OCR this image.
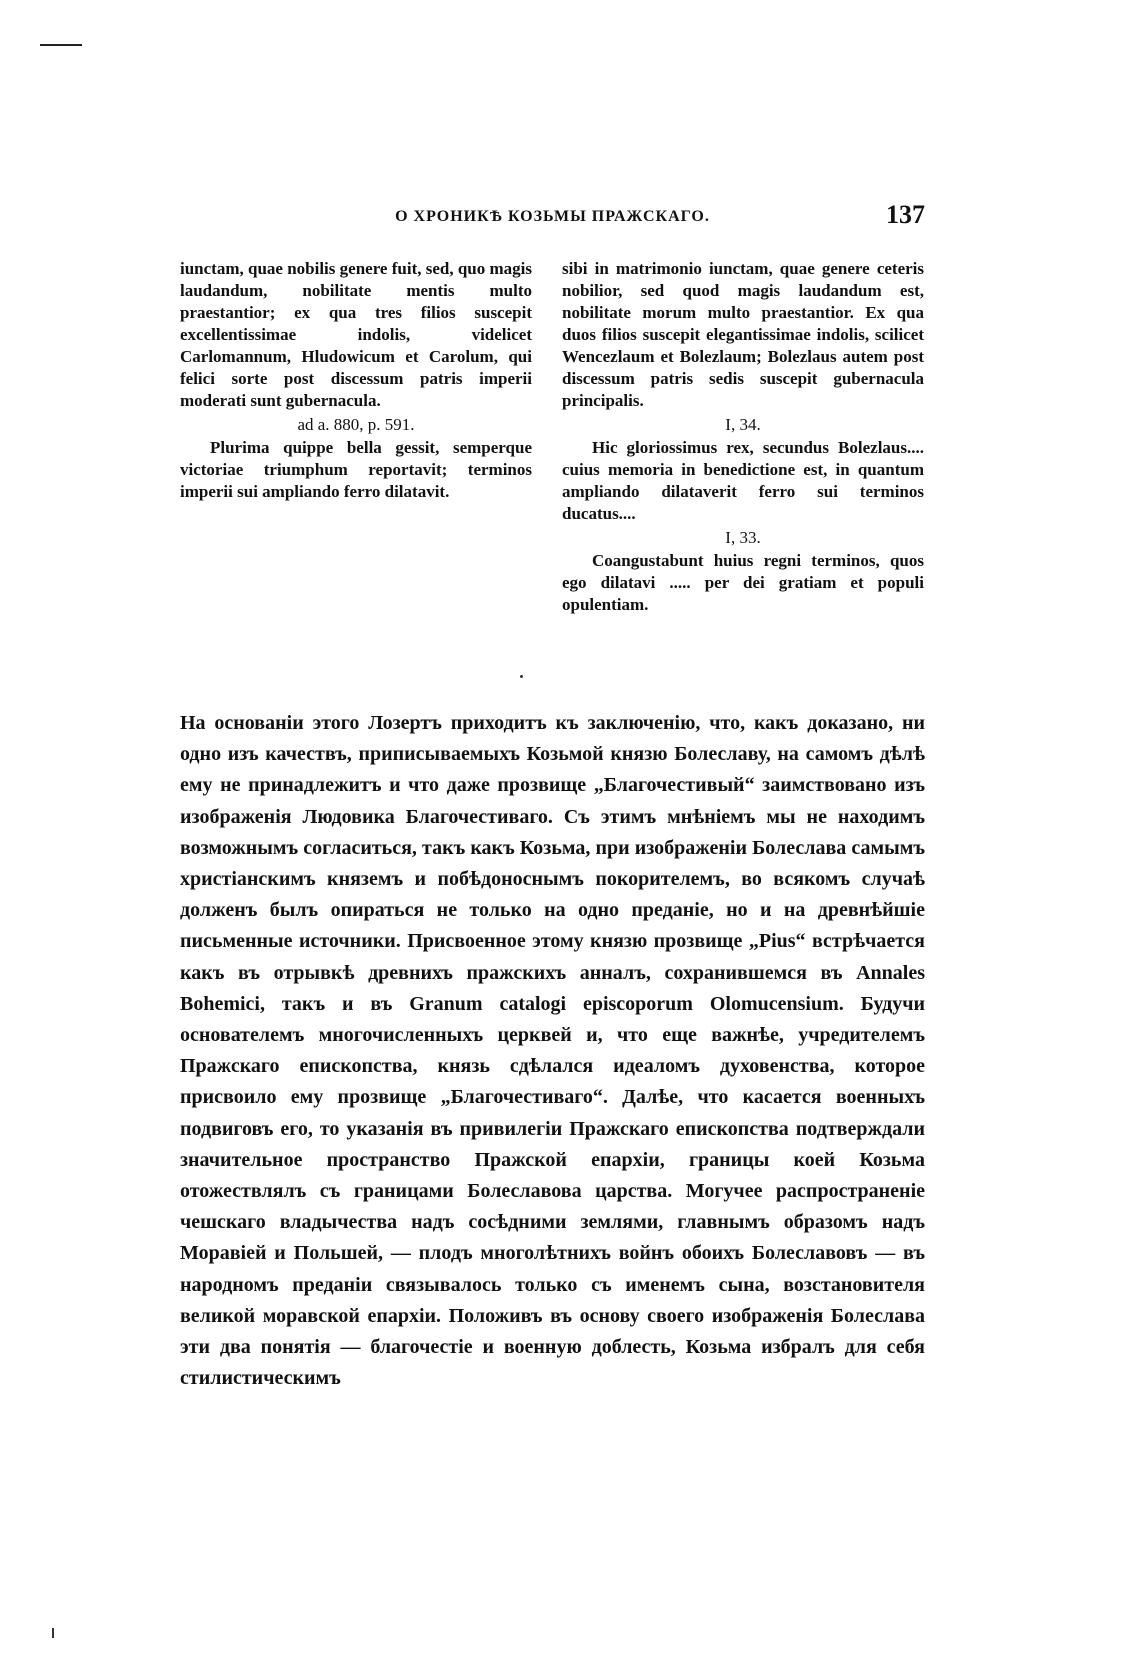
О ХРОНИКѢ КОЗЬМЫ ПРАЖСКАГО.	137

iunctam, quae nobilis genere fuit, sed, quo magis laudandum, nobilitate mentis multo praestantior; ex qua tres filios suscepit excellentissimae indolis, videlicet Carlomannum, Hludowicum et Carolum, qui felici sorte post discessum patris imperii moderati sunt gubernacula.

ad a. 880, p. 591.

Plurima quippe bella gessit, semperque victoriae triumphum reportavit; terminos imperii sui ampliando ferro dilatavit.

sibi in matrimonio iunctam, quae genere ceteris nobilior, sed quod magis laudandum est, nobilitate morum multo praestantior. Ex qua duos filios suscepit elegantissimae indolis, scilicet Wencezlaum et Bolezlaum; Bolezlaus autem post discessum patris sedis suscepit gubernacula principalis.

I, 34.

Hic gloriossimus rex, secundus Bolezlaus.... cuius memoria in benedictione est, in quantum ampliando dilataverit ferro sui terminos ducatus....

I, 33.

Coangustabunt huius regni terminos, quos ego dilatavi ..... per dei gratiam et populi opulentiam.

На основаніи этого Лозертъ приходитъ къ заключенію, что, какъ доказано, ни одно изъ качествъ, приписываемыхъ Козьмой князю Болеславу, на самомъ дѣлѣ ему не принадлежитъ и что даже прозвище „Благочестивый“ заимствовано изъ изображенія Людовика Благочестиваго. Съ этимъ мнѣніемъ мы не находимъ возможнымъ согласиться, такъ какъ Козьма, при изображеніи Болеслава самымъ христіанскимъ княземъ и побѣдоноснымъ покорителемъ, во всякомъ случаѣ долженъ былъ опираться не только на одно преданіе, но и на древнѣйшіе письменные источники. Присвоенное этому князю прозвище „Pius“ встрѣчается какъ въ отрывкѣ древнихъ пражскихъ анналъ, сохранившемся въ Annales Bohemici, такъ и въ Granum catalogi episcoporum Olomucensium. Будучи основателемъ многочисленныхъ церквей и, что еще важнѣе, учредителемъ Пражскаго епископства, князь сдѣлался идеаломъ духовенства, которое присвоило ему прозвище „Благочестиваго“. Далѣе, что касается военныхъ подвиговъ его, то указанія въ привилегіи Пражскаго епископства подтверждали значительное пространство Пражской епархіи, границы коей Козьма отожествлялъ съ границами Болеславова царства. Могучее распространеніе чешскаго владычества надъ сосѣдними землями, главнымъ образомъ надъ Моравіей и Польшей, — плодъ многолѣтнихъ войнъ обоихъ Болеславовъ — въ народномъ преданіи связывалось только съ именемъ сына, возстановителя великой моравской епархіи. Положивъ въ основу своего изображенія Болеслава эти два понятія — благочестіе и военную доблесть, Козьма избралъ для себя стилистическимъ
